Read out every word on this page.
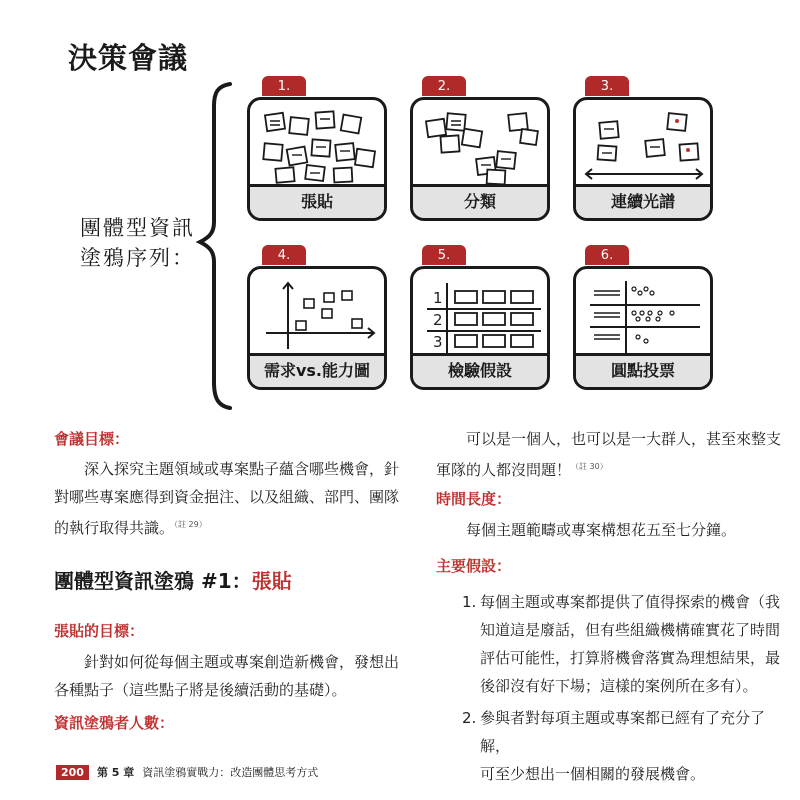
決策會議
團體型資訊
塗鴉序列：
1.
張貼
2.
分類
3.
連續光譜
4.
需求vs.能力圖
5.
1
2
3
檢驗假設
6.
圓點投票
會議目標：
深入探究主題領域或專案點子蘊含哪些機會，針
對哪些專案應得到資金挹注、以及組織、部門、團隊
的執行取得共識。$^{(註 29)}$
團體型資訊塗鴉 #1：張貼
張貼的目標：
針對如何從每個主題或專案創造新機會，發想出
各種點子（這些點子將是後續活動的基礎）。
資訊塗鴉者人數：
可以是一個人，也可以是一大群人，甚至來整支
軍隊的人都沒問題！$^{(註 30)}$
時間長度：
每個主題範疇或專案構想花五至七分鐘。
主要假設：
1. 每個主題或專案都提供了值得探索的機會（我
知道這是廢話，但有些組織機構確實花了時間
評估可能性，打算將機會落實為理想結果，最
後卻沒有好下場；這樣的案例所在多有）。
2. 參與者對每項主題或專案都已經有了充分了解，
可至少想出一個相關的發展機會。
200	第 5 章 資訊塗鴉實戰力：改造團體思考方式
